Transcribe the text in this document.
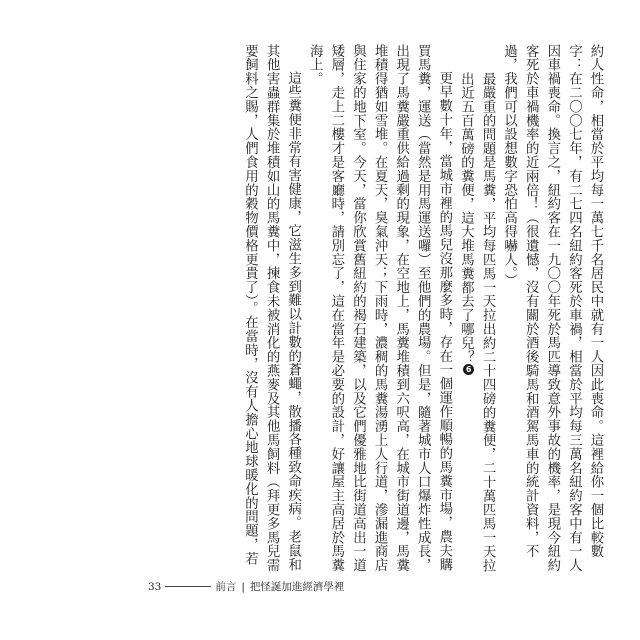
約人性命，相當於平均每一萬七千名居民中就有一人因此喪命。這裡給你一個比較數字：在二〇〇七年，有二七四名紐約客死於車禍，相當於平均每三萬名紐約客中有一人因車禍喪命。換言之，紐約客在一九〇〇年死於馬匹導致意外事故的機率，是現今紐約客死於車禍機率的近兩倍！（很遺憾，沒有關於酒後騎馬和酒駕馬車的統計資料，不過，我們可以設想數字恐怕高得嚇人。）

最嚴重的問題是馬糞，平均每匹馬一天拉出約二十四磅的糞便，二十萬匹馬一天拉出近五百萬磅的糞便，這大堆馬糞都去了哪兒？6

更早數十年，當城市裡的馬兒沒那麼多時，存在一個運作順暢的馬糞市場，農夫購買馬糞，運送（當然是用馬運送囉）至他們的農場。但是，隨著城市人口爆炸性成長，出現了馬糞嚴重供給過剩的現象，在空地上，馬糞堆積到六呎高，在城市街道邊，馬糞堆積得猶如雪堆。在夏天，臭氣沖天；下雨時，濃稠的馬糞湯湧上人行道，滲漏進商店與住家的地下室。今天，當你欣賞舊紐約的褐石建築，以及它們優雅地比街道高出一道矮層，走上二樓才是客廳時，請別忘了，這在當年是必要的設計，好讓屋主高居於馬糞海上。

這些糞便非常有害健康，它滋生多到難以計數的蒼蠅，散播各種致命疾病。老鼠和其他害蟲群集於堆積如山的馬糞中，揀食未被消化的燕麥及其他馬飼料（拜更多馬兒需要飼料之賜，人們食用的穀物價格更貴了）。在當時，沒有人擔心地球暖化的問題，若

33	前言 | 把怪誕加進經濟學裡
